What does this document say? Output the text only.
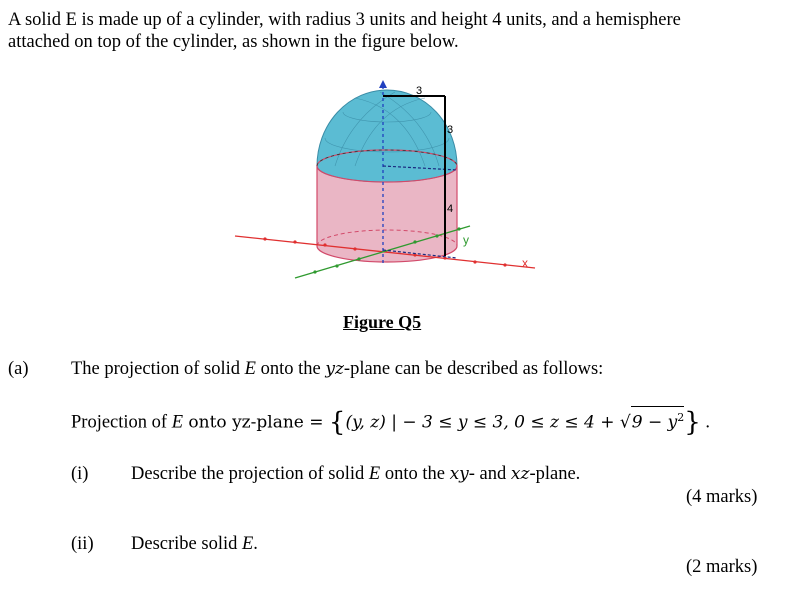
A solid E is made up of a cylinder, with radius 3 units and height 4 units, and a hemisphere
attached on top of the cylinder, as shown in the figure below.
3
3
4
y
x
Figure Q5
(a) The projection of solid E onto the yz-plane can be described as follows:
Projection of E onto yz-plane = {(y, z) | − 3 ≤ y ≤ 3, $0 \le z \le 4 + √9 - y^2$} .
(i) Describe the projection of solid E onto the xy- and xz-plane.
(4 marks)
(ii) Describe solid E.
(2 marks)
